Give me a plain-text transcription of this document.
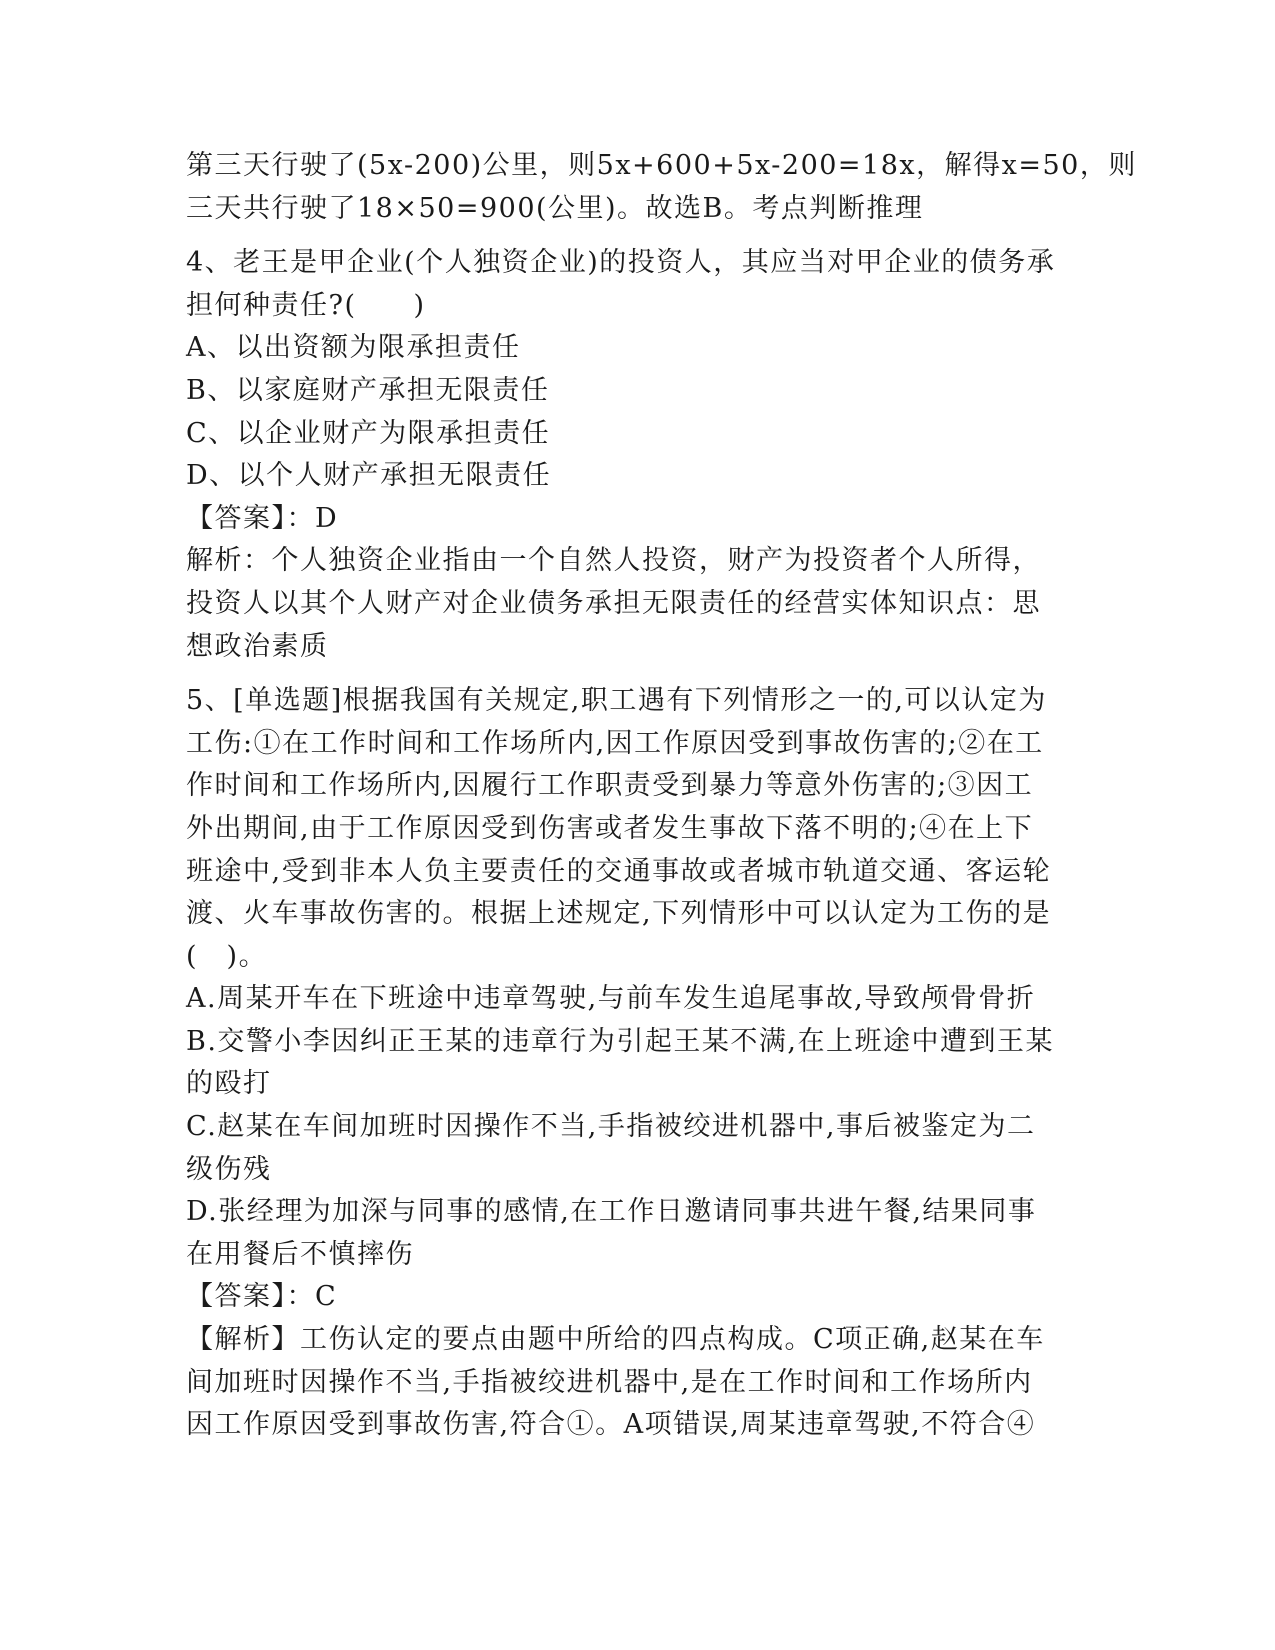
第三天行驶了(5x-200)公里，则5x+600+5x-200=18x，解得x=50，则
三天共行驶了18×50=900(公里)。故选B。考点判断推理
4、老王是甲企业(个人独资企业)的投资人，其应当对甲企业的债务承
担何种责任?(　　)
A、以出资额为限承担责任
B、以家庭财产承担无限责任
C、以企业财产为限承担责任
D、以个人财产承担无限责任
【答案】：D
解析：个人独资企业指由一个自然人投资，财产为投资者个人所得，
投资人以其个人财产对企业债务承担无限责任的经营实体知识点：思
想政治素质
5、[单选题]根据我国有关规定,职工遇有下列情形之一的,可以认定为
工伤:①在工作时间和工作场所内,因工作原因受到事故伤害的;②在工
作时间和工作场所内,因履行工作职责受到暴力等意外伤害的;③因工
外出期间,由于工作原因受到伤害或者发生事故下落不明的;④在上下
班途中,受到非本人负主要责任的交通事故或者城市轨道交通、客运轮
渡、火车事故伤害的。根据上述规定,下列情形中可以认定为工伤的是
(　)。
A.周某开车在下班途中违章驾驶,与前车发生追尾事故,导致颅骨骨折
B.交警小李因纠正王某的违章行为引起王某不满,在上班途中遭到王某
的殴打
C.赵某在车间加班时因操作不当,手指被绞进机器中,事后被鉴定为二
级伤残
D.张经理为加深与同事的感情,在工作日邀请同事共进午餐,结果同事
在用餐后不慎摔伤
【答案】：C
【解析】工伤认定的要点由题中所给的四点构成。C项正确,赵某在车
间加班时因操作不当,手指被绞进机器中,是在工作时间和工作场所内
因工作原因受到事故伤害,符合①。A项错误,周某违章驾驶,不符合④
